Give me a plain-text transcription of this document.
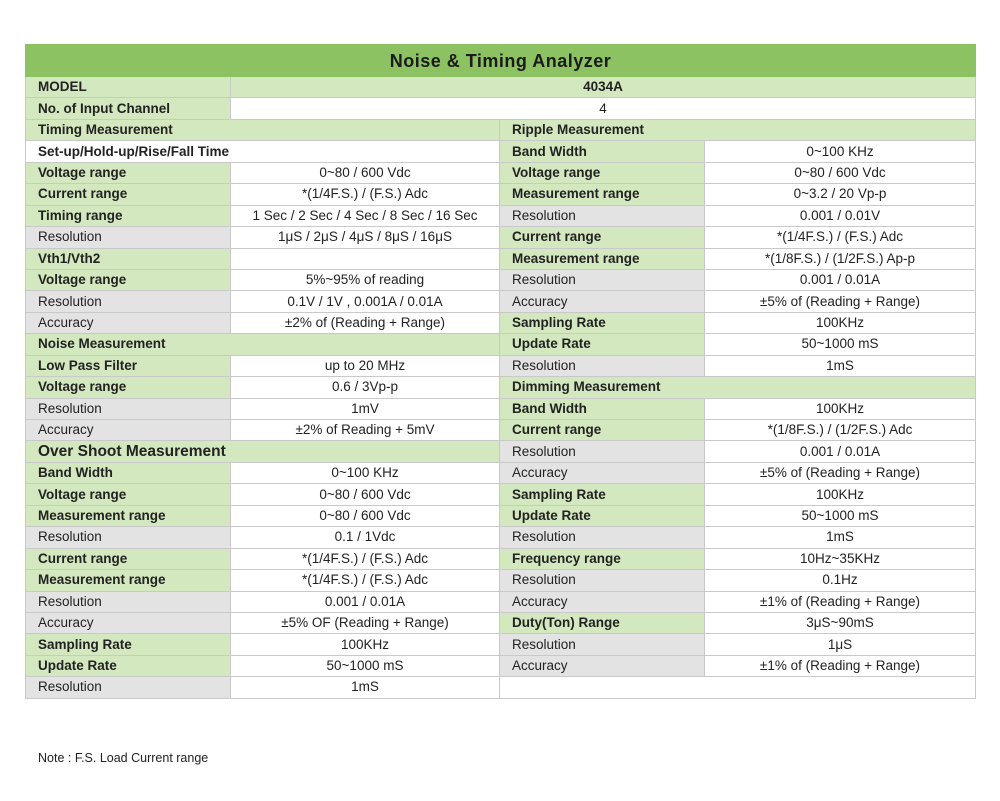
Noise & Timing Analyzer			
MODEL	4034A		
No. of Input Channel	4		
Timing Measurement		Ripple Measurement	
Set-up/Hold-up/Rise/Fall Time		Band Width	0~100 KHz
Voltage range	0~80 / 600 Vdc	Voltage range	0~80 / 600 Vdc
Current range	*(1/4F.S.) / (F.S.) Adc	Measurement range	0~3.2 / 20 Vp-p
Timing range	1 Sec / 2 Sec / 4 Sec / 8 Sec / 16 Sec	Resolution	0.001 / 0.01V
Resolution	1μS / 2μS / 4μS / 8μS / 16μS	Current range	*(1/4F.S.) / (F.S.) Adc
Vth1/Vth2		Measurement range	*(1/8F.S.) / (1/2F.S.) Ap-p
Voltage range	5%~95% of reading	Resolution	0.001 / 0.01A
Resolution	0.1V / 1V , 0.001A / 0.01A	Accuracy	±5% of (Reading + Range)
Accuracy	±2% of (Reading + Range)	Sampling Rate	100KHz
Noise Measurement		Update Rate	50~1000 mS
Low Pass Filter	up to 20 MHz	Resolution	1mS
Voltage range	0.6 / 3Vp-p	Dimming Measurement	
Resolution	1mV	Band Width	100KHz
Accuracy	±2% of Reading + 5mV	Current range	*(1/8F.S.) / (1/2F.S.) Adc
Over Shoot Measurement		Resolution	0.001 / 0.01A
Band Width	0~100 KHz	Accuracy	±5% of (Reading + Range)
Voltage range	0~80 / 600 Vdc	Sampling Rate	100KHz
Measurement range	0~80 / 600 Vdc	Update Rate	50~1000 mS
Resolution	0.1 / 1Vdc	Resolution	1mS
Current range	*(1/4F.S.) / (F.S.) Adc	Frequency range	10Hz~35KHz
Measurement range	*(1/4F.S.) / (F.S.) Adc	Resolution	0.1Hz
Resolution	0.001 / 0.01A	Accuracy	±1% of (Reading + Range)
Accuracy	±5% OF (Reading + Range)	Duty(Ton) Range	3μS~90mS
Sampling Rate	100KHz	Resolution	1μS
Update Rate	50~1000 mS	Accuracy	±1% of (Reading + Range)
Resolution	1mS		
Note : F.S. Load Current range
